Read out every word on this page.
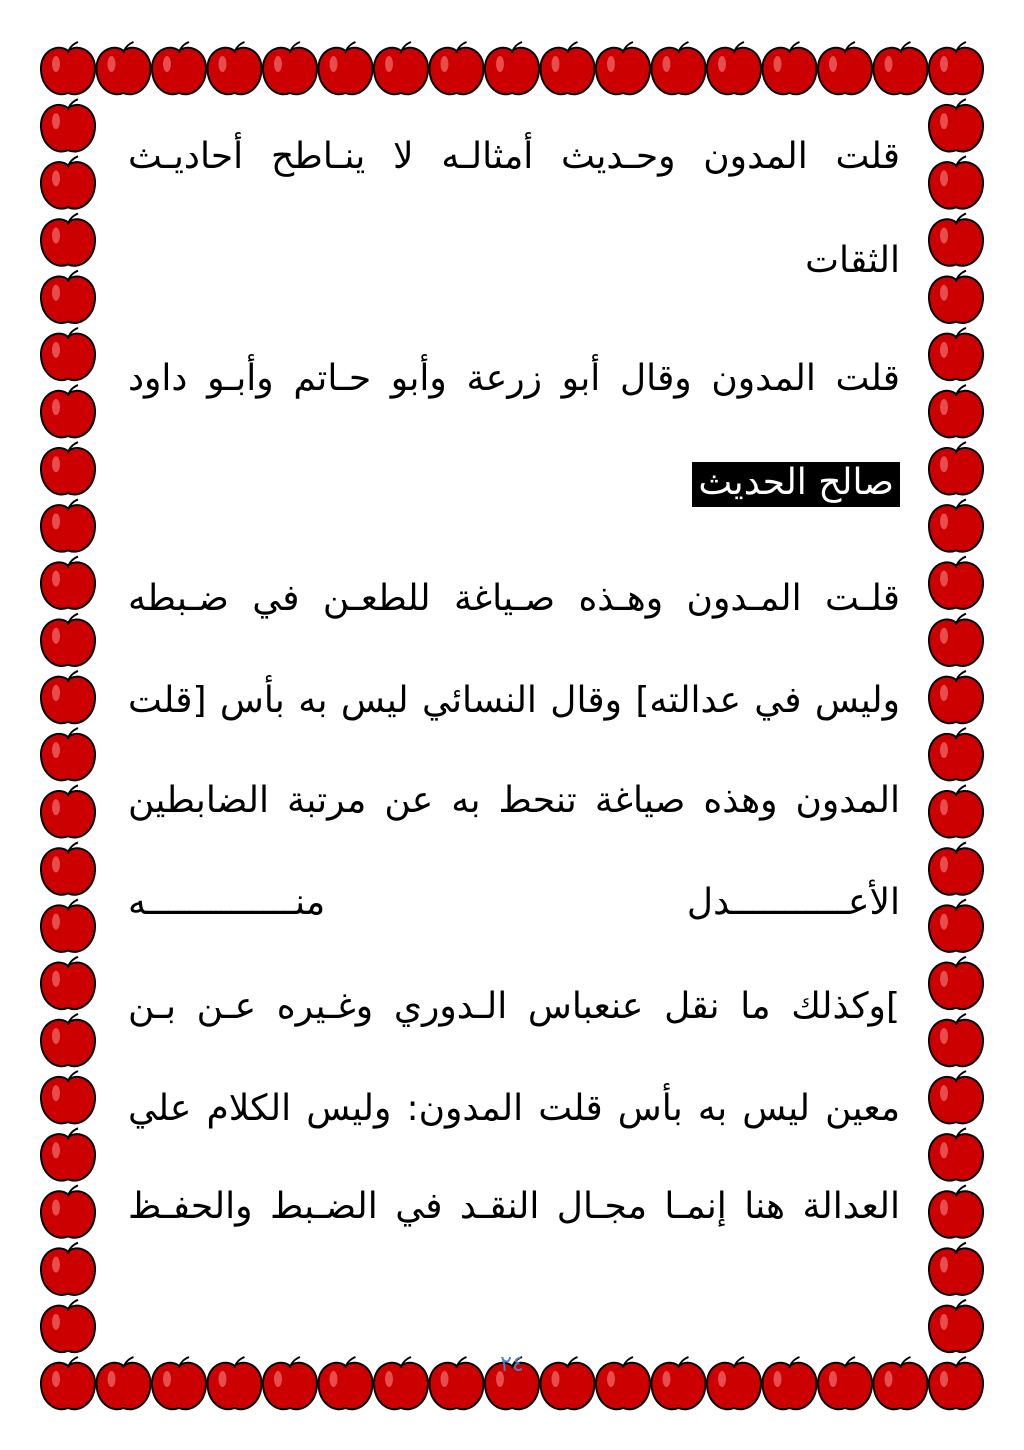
قلت المدون وحـديث أمثالـه لا ينـاطح أحاديـث
الثقات
قلت المدون وقال أبو زرعة وأبو حـاتم وأبـو داود
صالح الحديث
قلـت المـدون وهـذه صـياغة للطعـن في ضـبطه
وليس في عدالته] وقال النسائي ليس به بأس [قلت
المدون وهذه صياغة تنحط به عن مرتبة الضابطين
الأعـــــــــــدل منــــــــــــــه
]وكذلك ما نقل عنعباس الـدوري وغـيره عـن بـن
معين ليس به بأس قلت المدون: وليس الكلام علي
العدالة هنا إنمـا مجـال النقـد في الضـبط والحفـظ
٢٤
